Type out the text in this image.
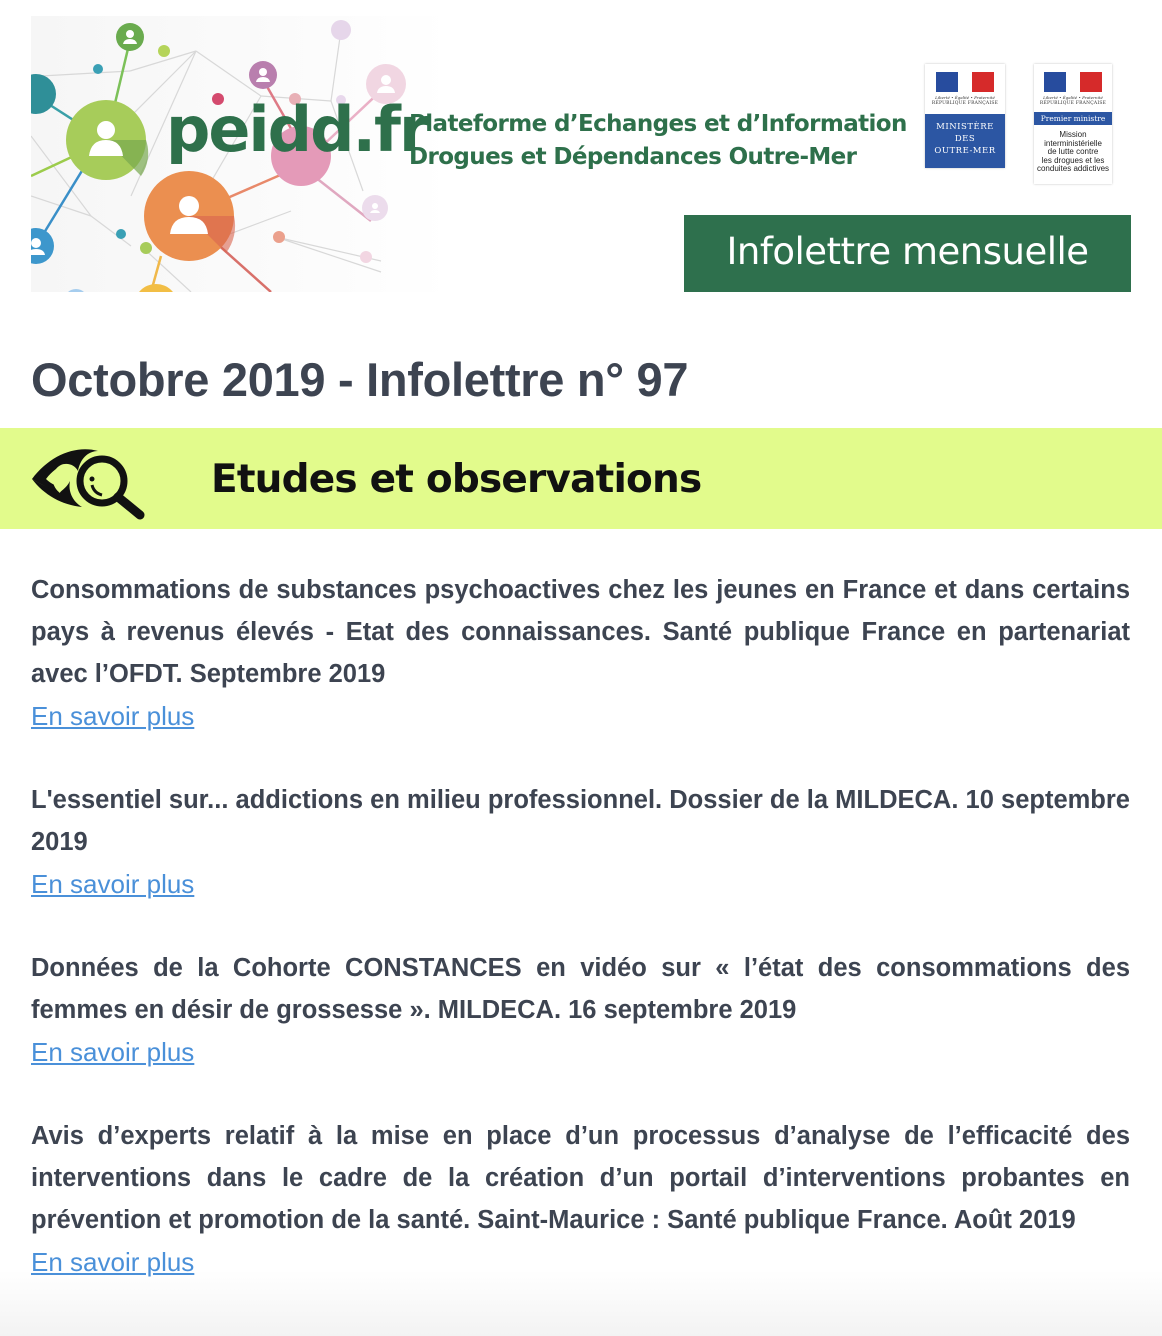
peidd.fr
Plateforme d’Echanges et d’Information
Drogues et Dépendances Outre-Mer
Liberté • Égalité • Fraternité
RÉPUBLIQUE FRANÇAISE
MINISTÈRE
DES
OUTRE-MER
Liberté • Égalité • Fraternité
RÉPUBLIQUE FRANÇAISE
Premier ministre
Mission
interministérielle
de lutte contre
les drogues et les
conduites addictives
Infolettre mensuelle
Octobre 2019 - Infolettre n° 97
Etudes et observations

Consommations de substances psychoactives chez les jeunes en France et dans certains pays à revenus élevés - Etat des connaissances. Santé publique France en partenariat avec l’OFDT. Septembre 2019

En savoir plus

L'essentiel sur... addictions en milieu professionnel. Dossier de la MILDECA. 10 septembre 2019

En savoir plus

Données de la Cohorte CONSTANCES en vidéo sur « l’état des consommations des femmes en désir de grossesse ». MILDECA. 16 septembre 2019

En savoir plus

Avis d’experts relatif à la mise en place d’un processus d’analyse de l’efficacité des interventions dans le cadre de la création d’un portail d’interventions probantes en prévention et promotion de la santé. Saint-Maurice : Santé publique France. Août 2019

En savoir plus
